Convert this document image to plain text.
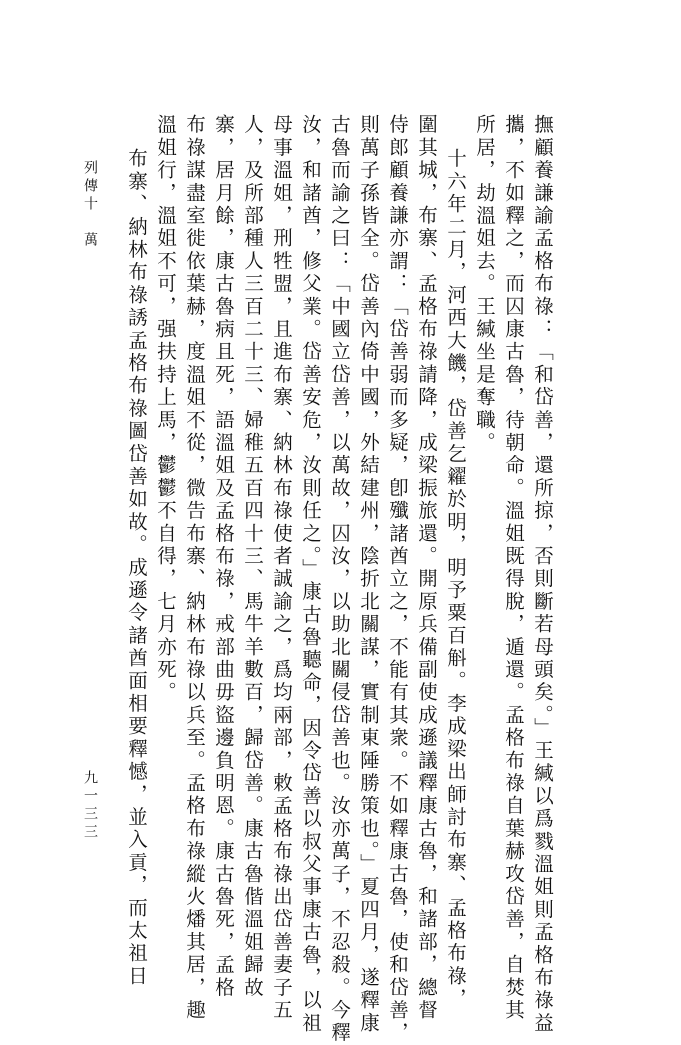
撫顧養謙諭孟格布祿：「和岱善，還所掠，否則斷若母頭矣。」王緘以爲戮溫姐則孟格布祿益
攜，不如釋之，而囚康古魯，待朝命。溫姐既得脫，遁還。孟格布祿自葉赫攻岱善，自焚其
所居，劫溫姐去。王緘坐是奪職。
十六年二月，河西大饑，岱善乞糴於明，明予粟百斛。李成梁出師討布寨、孟格布祿，
圍其城，布寨、孟格布祿請降，成梁振旅還。開原兵備副使成遜議釋康古魯，和諸部，總督
侍郎顧養謙亦謂：「岱善弱而多疑，卽殲諸酋立之，不能有其衆。不如釋康古魯，使和岱善，
則萬子孫皆全。岱善內倚中國，外結建州，陰折北關謀，實制東陲勝策也。」夏四月，遂釋康
古魯而諭之曰：「中國立岱善，以萬故，囚汝，以助北關侵岱善也。汝亦萬子，不忍殺。今釋
汝，和諸酋，修父業。岱善安危，汝則任之。」康古魯聽命，因令岱善以叔父事康古魯，以祖
母事溫姐，刑牲盟，且進布寨、納林布祿使者誠諭之，爲均兩部，敕孟格布祿出岱善妻子五
人，及所部種人三百二十三、婦稚五百四十三、馬牛羊數百，歸岱善。康古魯偕溫姐歸故
寨，居月餘，康古魯病且死，語溫姐及孟格布祿，戒部曲毋盜邊負明恩。康古魯死，孟格
布祿謀盡室徙依葉赫，度溫姐不從，微告布寨、納林布祿以兵至。孟格布祿縱火燔其居，趣
溫姐行，溫姐不可，强扶持上馬，鬱鬱不自得，七月亦死。
布寨、納林布祿誘孟格布祿圖岱善如故。成遜令諸酋面相要釋憾，並入貢，而太祖日
列傳十　萬
九一三三
